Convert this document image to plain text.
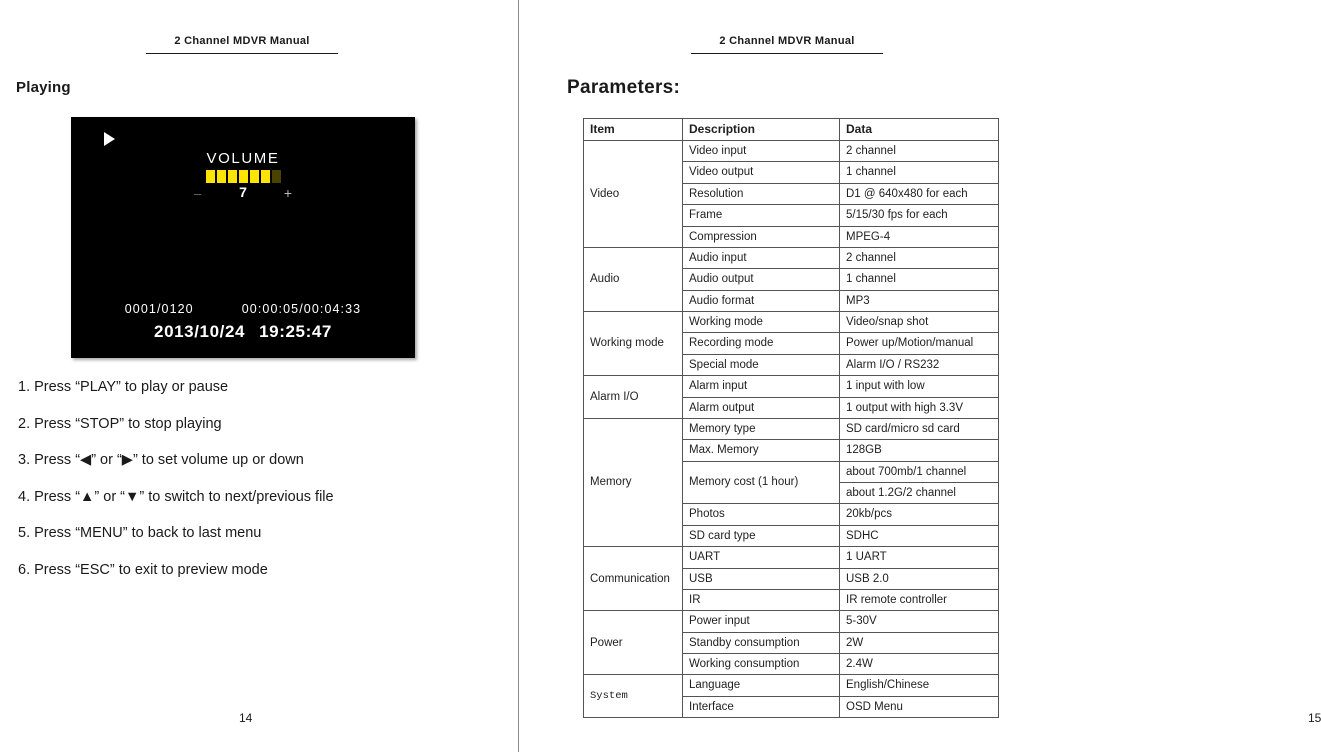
2 Channel MDVR Manual
Playing
VOLUME
–	7	+
0001/0120	00:00:05/00:04:33
2013/10/24 19:25:47
1. Press “PLAY” to play or pause
2. Press “STOP” to stop playing
3. Press “◀” or “▶” to set volume up or down
4. Press “▲” or “▼” to switch to next/previous file
5. Press “MENU” to back to last menu
6. Press “ESC” to exit to preview mode
14
2 Channel MDVR Manual
Parameters:
Item	Description	Data
Video	Video input	2 channel
	Video output	1 channel
	Resolution	D1 @ 640x480 for each
	Frame	5/15/30 fps for each
	Compression	MPEG-4
Audio	Audio input	2 channel
	Audio output	1 channel
	Audio format	MP3
Working mode	Working mode	Video/snap shot
	Recording mode	Power up/Motion/manual
	Special mode	Alarm I/O / RS232
Alarm I/O	Alarm input	1 input with low
	Alarm output	1 output with high 3.3V
Memory	Memory type	SD card/micro sd card
	Max. Memory	128GB
	Memory cost (1 hour)	about 700mb/1 channel
		about 1.2G/2 channel
	Photos	20kb/pcs
	SD card type	SDHC
Communication	UART	1 UART
	USB	USB 2.0
	IR	IR remote controller
Power	Power input	5-30V
	Standby consumption	2W
	Working consumption	2.4W
System	Language	English/Chinese
	Interface	OSD Menu
15
